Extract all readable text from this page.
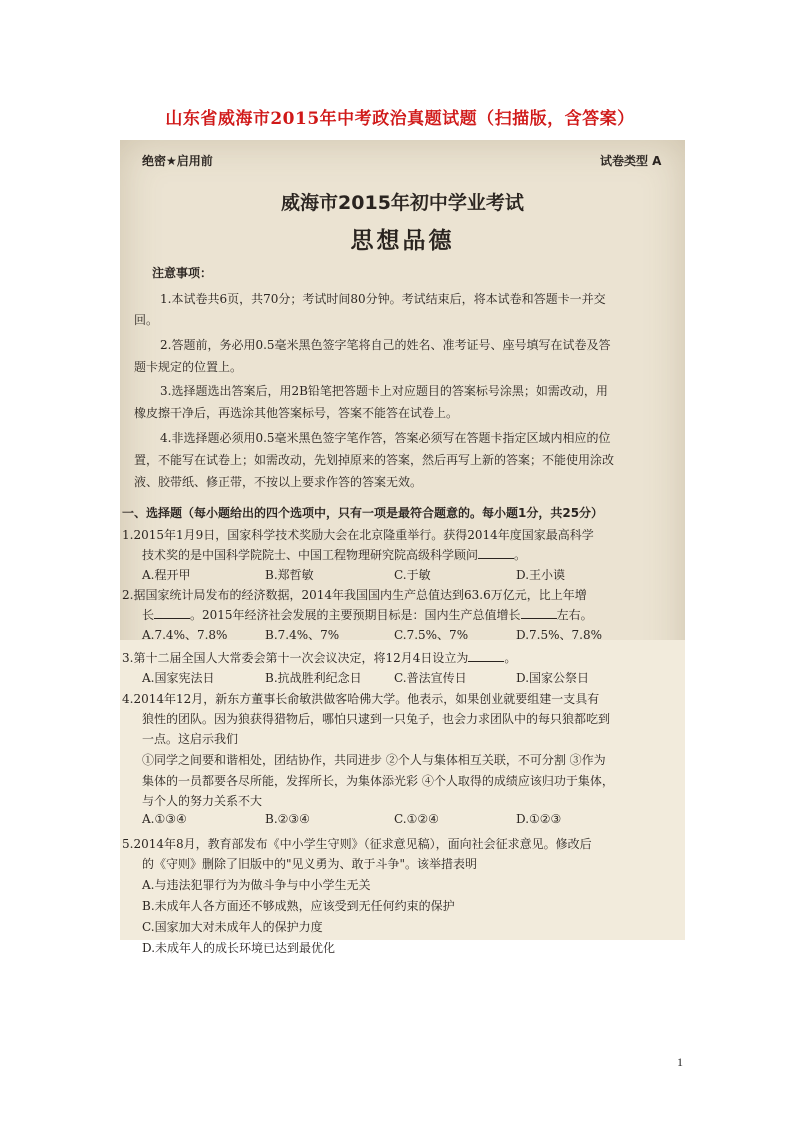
山东省威海市2015年中考政治真题试题（扫描版，含答案）
绝密★启用前	试卷类型 A
威海市2015年初中学业考试
思想品德
注意事项：
1.本试卷共6页，共70分；考试时间80分钟。考试结束后，将本试卷和答题卡一并交
回。
2.答题前，务必用0.5毫米黑色签字笔将自己的姓名、准考证号、座号填写在试卷及答
题卡规定的位置上。
3.选择题选出答案后，用2B铅笔把答题卡上对应题目的答案标号涂黑；如需改动，用
橡皮擦干净后，再选涂其他答案标号，答案不能答在试卷上。
4.非选择题必须用0.5毫米黑色签字笔作答，答案必须写在答题卡指定区域内相应的位
置，不能写在试卷上；如需改动，先划掉原来的答案，然后再写上新的答案；不能使用涂改
液、胶带纸、修正带，不按以上要求作答的答案无效。
一、选择题（每小题给出的四个选项中，只有一项是最符合题意的。每小题1分，共25分）
1.2015年1月9日，国家科学技术奖励大会在北京隆重举行。获得2014年度国家最高科学
技术奖的是中国科学院院士、中国工程物理研究院高级科学顾问	。
A.程开甲	B.郑哲敏	C.于敏	D.王小谟
2.据国家统计局发布的经济数据，2014年我国国内生产总值达到63.6万亿元，比上年增
长	。2015年经济社会发展的主要预期目标是：国内生产总值增长	左右。
A.7.4%、7.8%	B.7.4%、7%	C.7.5%、7%	D.7.5%、7.8%
3.第十二届全国人大常委会第十一次会议决定，将12月4日设立为	。
A.国家宪法日	B.抗战胜利纪念日	C.普法宣传日	D.国家公祭日
4.2014年12月，新东方董事长俞敏洪做客哈佛大学。他表示，如果创业就要组建一支具有
狼性的团队。因为狼获得猎物后，哪怕只逮到一只兔子，也会力求团队中的每只狼都吃到
一点。这启示我们
①同学之间要和谐相处，团结协作，共同进步 ②个人与集体相互关联，不可分割 ③作为
集体的一员都要各尽所能，发挥所长，为集体添光彩 ④个人取得的成绩应该归功于集体，
与个人的努力关系不大
A.①③④	B.②③④	C.①②④	D.①②③
5.2014年8月，教育部发布《中小学生守则》（征求意见稿），面向社会征求意见。修改后
的《守则》删除了旧版中的"见义勇为、敢于斗争"。该举措表明
A.与违法犯罪行为为做斗争与中小学生无关
B.未成年人各方面还不够成熟，应该受到无任何约束的保护
C.国家加大对未成年人的保护力度
D.未成年人的成长环境已达到最优化
1
